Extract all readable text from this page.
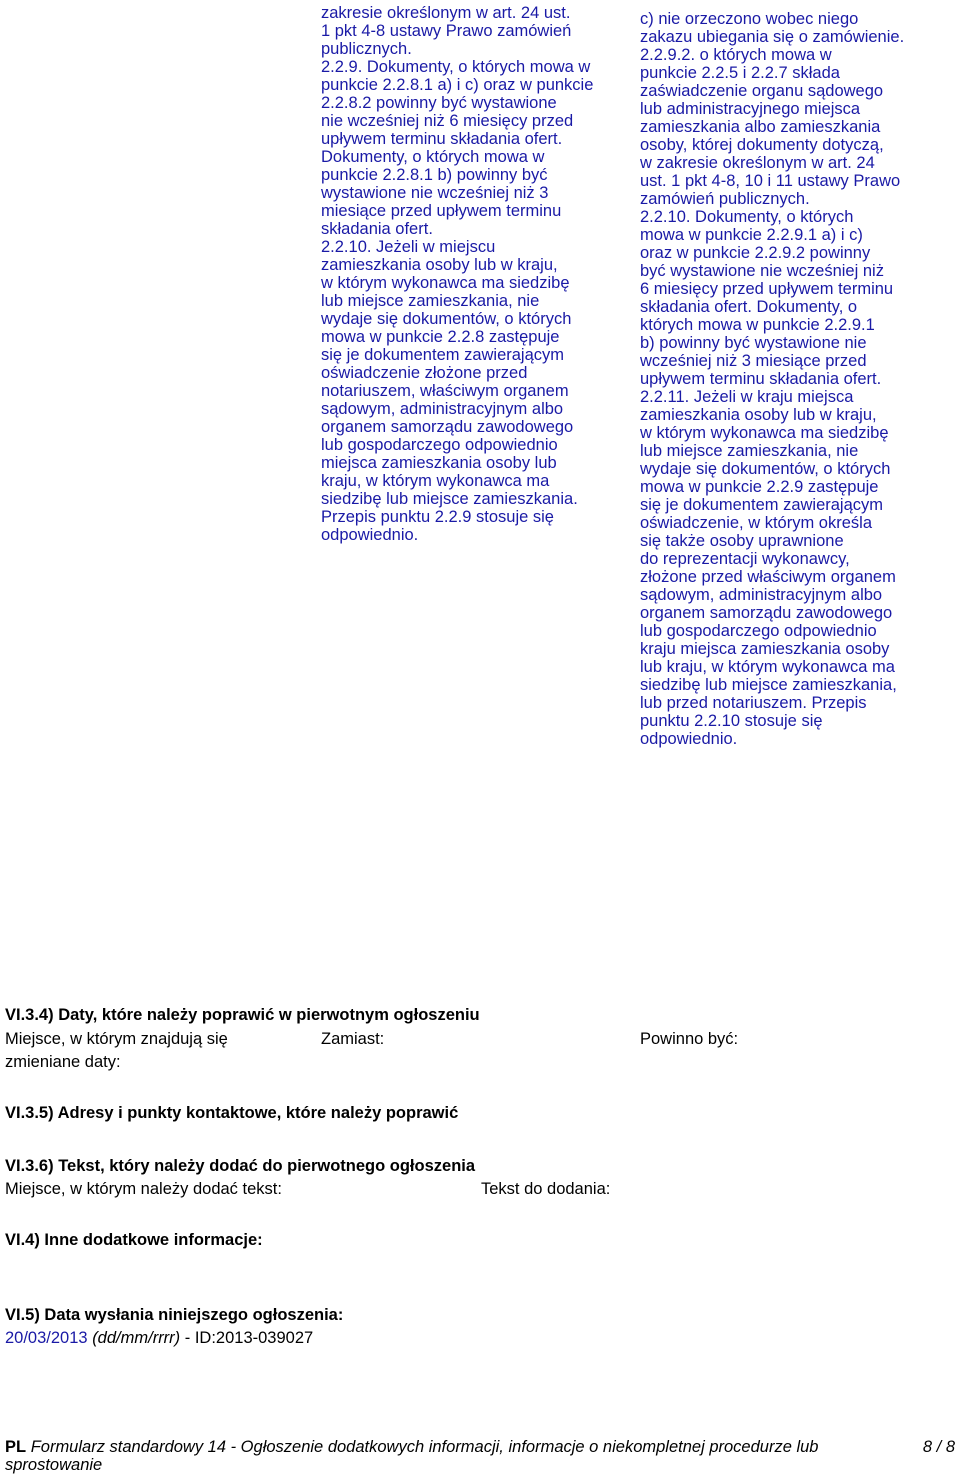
zakresie określonym w art. 24 ust.
1 pkt 4-8 ustawy Prawo zamówień
publicznych.
2.2.9. Dokumenty, o których mowa w
punkcie 2.2.8.1 a) i c) oraz w punkcie
2.2.8.2 powinny być wystawione
nie wcześniej niż 6 miesięcy przed
upływem terminu składania ofert.
Dokumenty, o których mowa w
punkcie 2.2.8.1 b) powinny być
wystawione nie wcześniej niż 3
miesiące przed upływem terminu
składania ofert.
2.2.10. Jeżeli w miejscu
zamieszkania osoby lub w kraju,
w którym wykonawca ma siedzibę
lub miejsce zamieszkania, nie
wydaje się dokumentów, o których
mowa w punkcie 2.2.8 zastępuje
się je dokumentem zawierającym
oświadczenie złożone przed
notariuszem, właściwym organem
sądowym, administracyjnym albo
organem samorządu zawodowego
lub gospodarczego odpowiednio
miejsca zamieszkania osoby lub
kraju, w którym wykonawca ma
siedzibę lub miejsce zamieszkania.
Przepis punktu 2.2.9 stosuje się
odpowiednio.
c) nie orzeczono wobec niego
zakazu ubiegania się o zamówienie.
2.2.9.2. o których mowa w
punkcie 2.2.5 i 2.2.7 składa
zaświadczenie organu sądowego
lub administracyjnego miejsca
zamieszkania albo zamieszkania
osoby, której dokumenty dotyczą,
w zakresie określonym w art. 24
ust. 1 pkt 4-8, 10 i 11 ustawy Prawo
zamówień publicznych.
2.2.10. Dokumenty, o których
mowa w punkcie 2.2.9.1 a) i c)
oraz w punkcie 2.2.9.2 powinny
być wystawione nie wcześniej niż
6 miesięcy przed upływem terminu
składania ofert. Dokumenty, o
których mowa w punkcie 2.2.9.1
b) powinny być wystawione nie
wcześniej niż 3 miesiące przed
upływem terminu składania ofert.
2.2.11. Jeżeli w kraju miejsca
zamieszkania osoby lub w kraju,
w którym wykonawca ma siedzibę
lub miejsce zamieszkania, nie
wydaje się dokumentów, o których
mowa w punkcie 2.2.9 zastępuje
się je dokumentem zawierającym
oświadczenie, w którym określa
się także osoby uprawnione
do reprezentacji wykonawcy,
złożone przed właściwym organem
sądowym, administracyjnym albo
organem samorządu zawodowego
lub gospodarczego odpowiednio
kraju miejsca zamieszkania osoby
lub kraju, w którym wykonawca ma
siedzibę lub miejsce zamieszkania,
lub przed notariuszem. Przepis
punktu 2.2.10 stosuje się
odpowiednio.
VI.3.4) Daty, które należy poprawić w pierwotnym ogłoszeniu
Miejsce, w którym znajdują się
zmieniane daty:
Zamiast:	Powinno być:
VI.3.5) Adresy i punkty kontaktowe, które należy poprawić
VI.3.6) Tekst, który należy dodać do pierwotnego ogłoszenia
Miejsce, w którym należy dodać tekst:	Tekst do dodania:
VI.4) Inne dodatkowe informacje:
VI.5) Data wysłania niniejszego ogłoszenia:
20/03/2013 (dd/mm/rrrr) - ID:2013-039027
PL Formularz standardowy 14 - Ogłoszenie dodatkowych informacji, informacje o niekompletnej procedurze lub	8 / 8
sprostowanie
